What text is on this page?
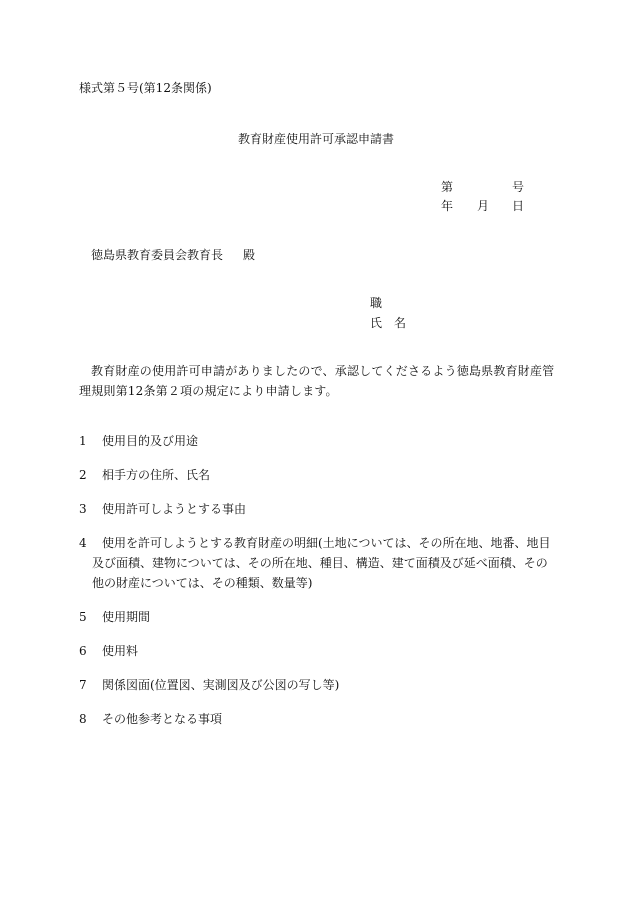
様式第５号(第12条関係)
教育財産使用許可承認申請書
第	号
年 月 日
徳島県教育委員会教育長 殿
職
氏 名
教育財産の使用許可申請がありましたので、承認してくださるよう徳島県教育財産管理規則第12条第２項の規定により申請します。
1 使用目的及び用途
2 相手方の住所、氏名
3 使用許可しようとする事由
4 使用を許可しようとする教育財産の明細(土地については、その所在地、地番、地目
及び面積、建物については、その所在地、種目、構造、建て面積及び延べ面積、その
他の財産については、その種類、数量等)
5 使用期間
6 使用料
7 関係図面(位置図、実測図及び公図の写し等)
8 その他参考となる事項
